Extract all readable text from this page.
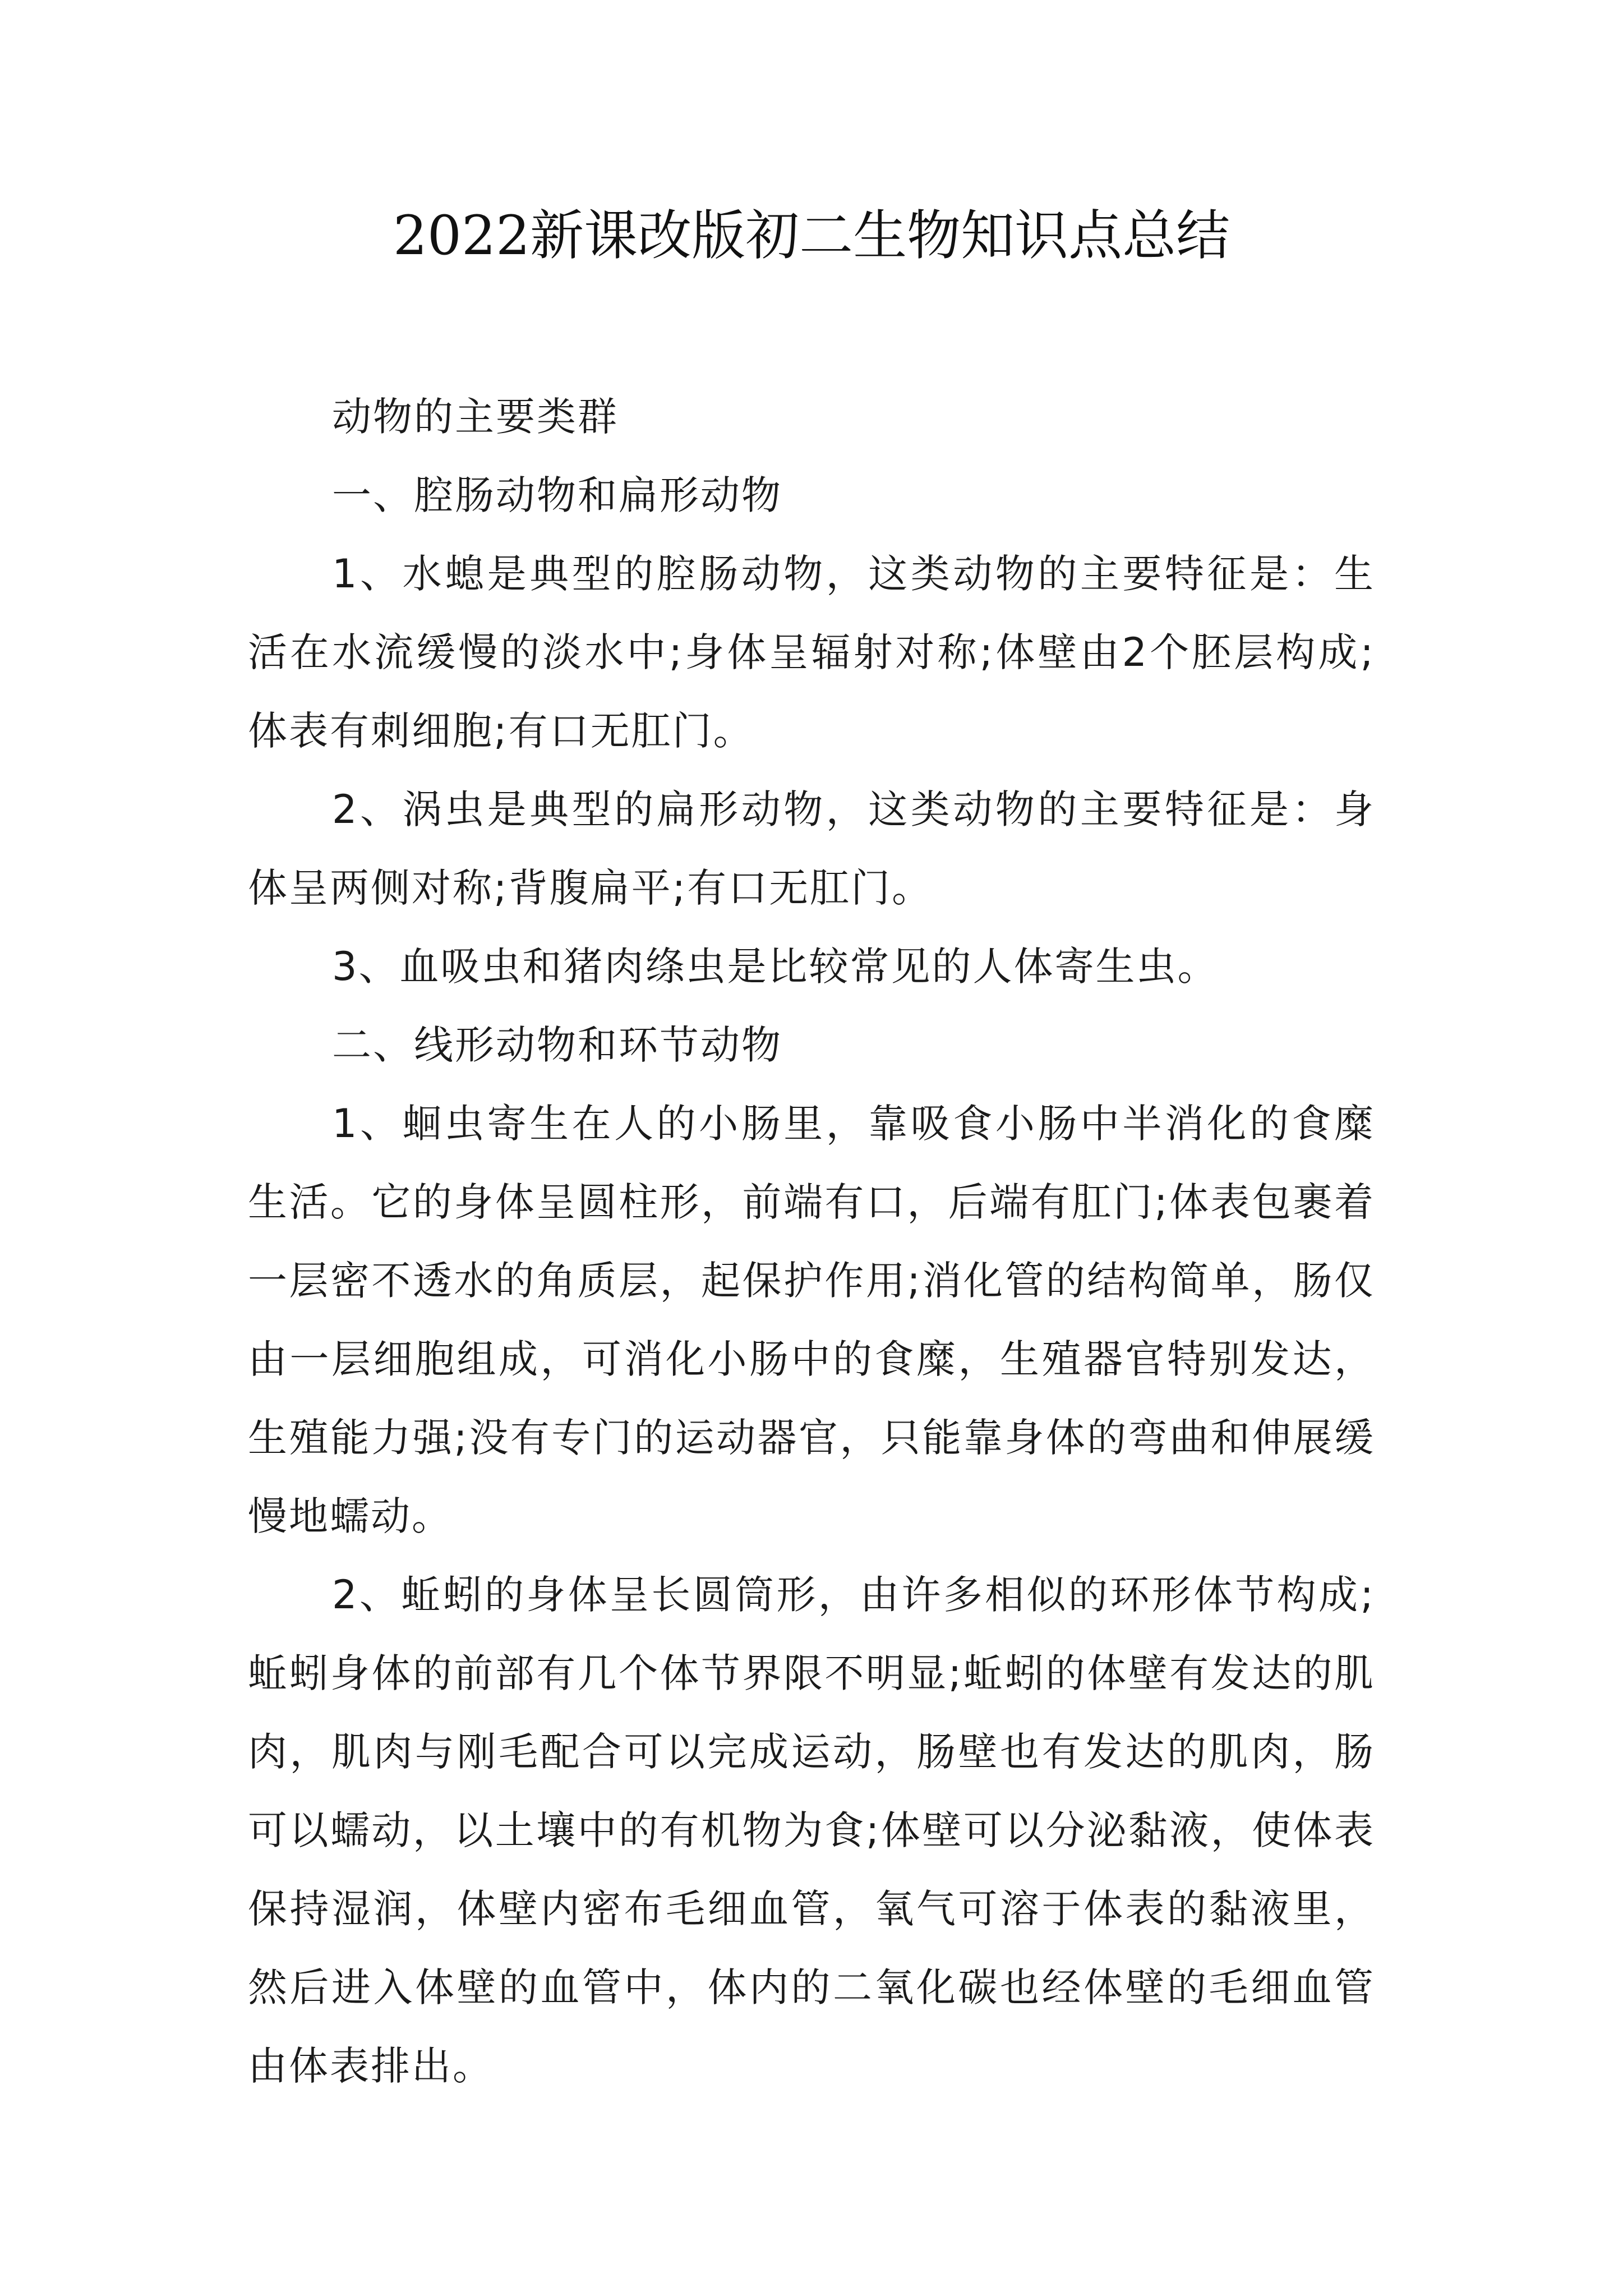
2022新课改版初二生物知识点总结

动物的主要类群

一、腔肠动物和扁形动物

1、水螅是典型的腔肠动物，这类动物的主要特征是：生活在水流缓慢的淡水中;身体呈辐射对称;体壁由2个胚层构成;体表有刺细胞;有口无肛门。

2、涡虫是典型的扁形动物，这类动物的主要特征是：身体呈两侧对称;背腹扁平;有口无肛门。

3、血吸虫和猪肉绦虫是比较常见的人体寄生虫。

二、线形动物和环节动物

1、蛔虫寄生在人的小肠里，靠吸食小肠中半消化的食糜生活。它的身体呈圆柱形，前端有口，后端有肛门;体表包裹着一层密不透水的角质层，起保护作用;消化管的结构简单，肠仅由一层细胞组成，可消化小肠中的食糜，生殖器官特别发达，生殖能力强;没有专门的运动器官，只能靠身体的弯曲和伸展缓慢地蠕动。

2、蚯蚓的身体呈长圆筒形，由许多相似的环形体节构成;蚯蚓身体的前部有几个体节界限不明显;蚯蚓的体壁有发达的肌肉，肌肉与刚毛配合可以完成运动，肠壁也有发达的肌肉，肠可以蠕动，以土壤中的有机物为食;体壁可以分泌黏液，使体表保持湿润，体壁内密布毛细血管，氧气可溶于体表的黏液里，然后进入体壁的血管中，体内的二氧化碳也经体壁的毛细血管由体表排出。
